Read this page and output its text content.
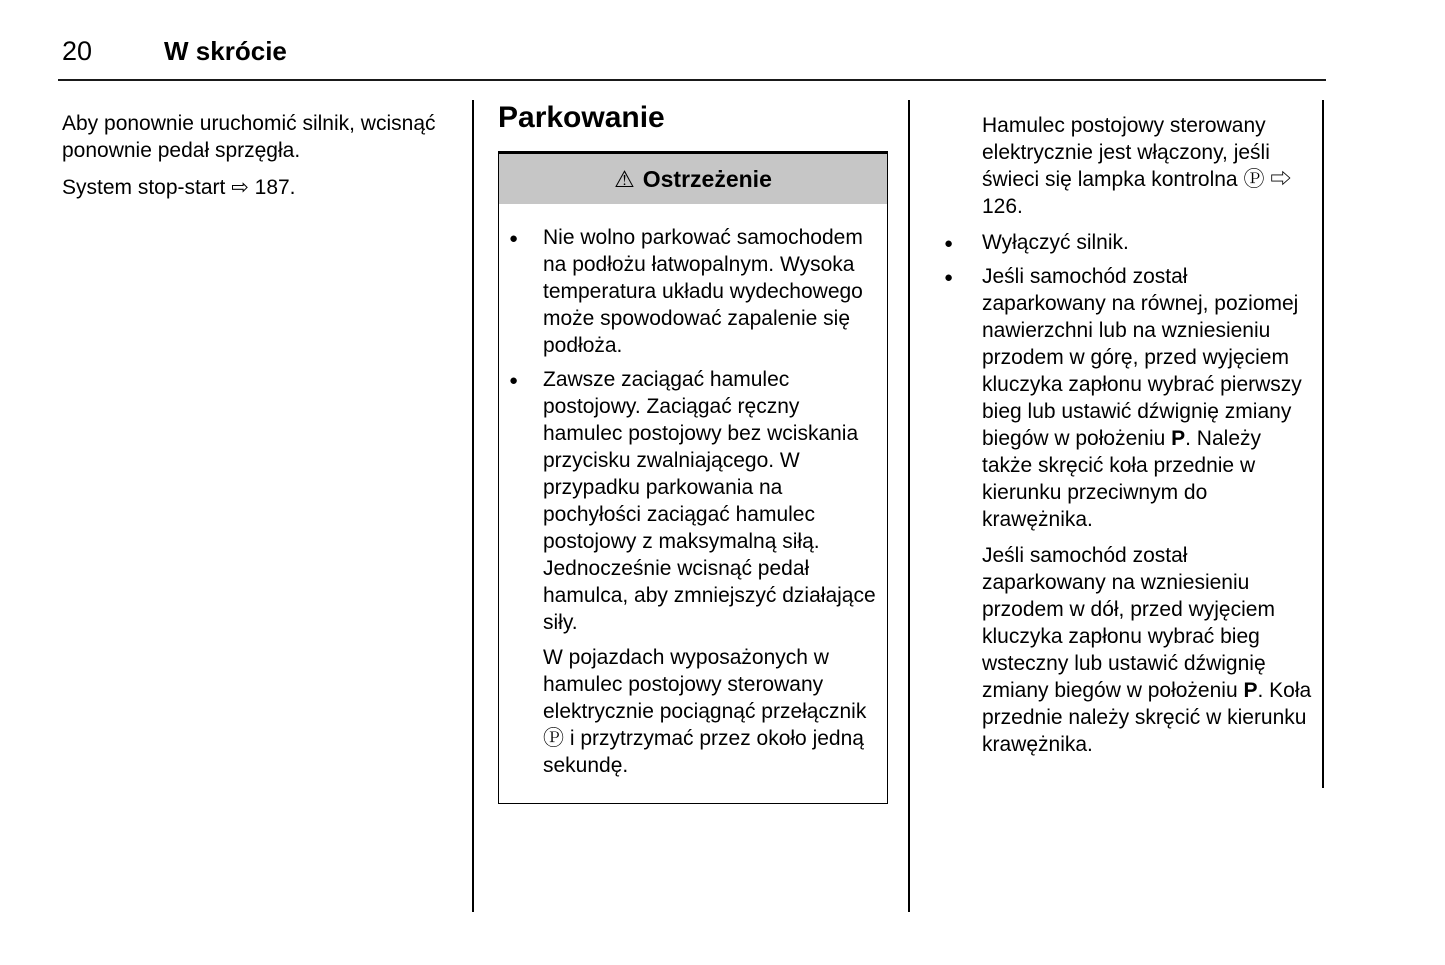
20	W skrócie

Aby ponownie uruchomić silnik, wcisnąć ponownie pedał sprzęgła.

System stop-start ⇨ 187.

Parkowanie
⚠ Ostrzeżenie
● Nie wolno parkować samochodem na podłożu łatwopalnym. Wysoka temperatura układu wydechowego może spowodować zapalenie się podłoża.
● Zawsze zaciągać hamulec postojowy. Zaciągać ręczny hamulec postojowy bez wciskania przycisku zwalniającego. W przypadku parkowania na pochyłości zaciągać hamulec postojowy z maksymalną siłą. Jednocześnie wcisnąć pedał hamulca, aby zmniejszyć działające siły.

W pojazdach wyposażonych w hamulec postojowy sterowany elektrycznie pociągnąć przełącznik Ⓟ i przytrzymać przez około jedną sekundę.

Hamulec postojowy sterowany elektrycznie jest włączony, jeśli świeci się lampka kontrolna Ⓟ ⇨ 126.

● Wyłączyć silnik.
● Jeśli samochód został zaparkowany na równej, poziomej nawierzchni lub na wzniesieniu przodem w górę, przed wyjęciem kluczyka zapłonu wybrać pierwszy bieg lub ustawić dźwignię zmiany biegów w położeniu P. Należy także skręcić koła przednie w kierunku przeciwnym do krawężnika.

Jeśli samochód został zaparkowany na wzniesieniu przodem w dół, przed wyjęciem kluczyka zapłonu wybrać bieg wsteczny lub ustawić dźwignię zmiany biegów w położeniu P. Koła przednie należy skręcić w kierunku krawężnika.
